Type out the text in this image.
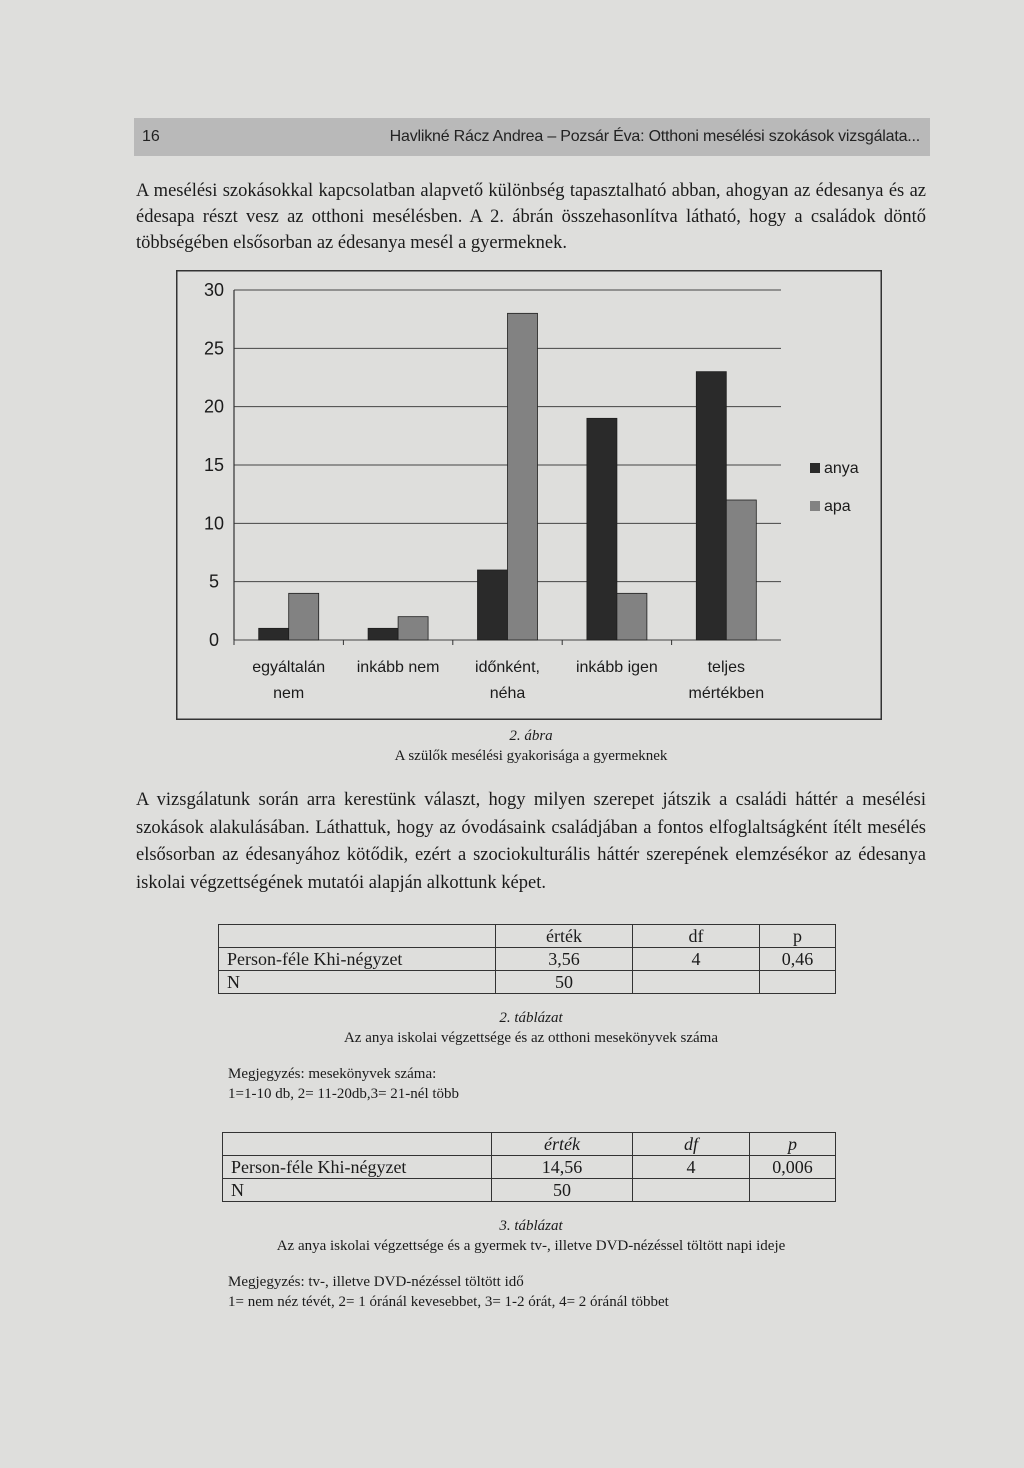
16	Havlikné Rácz Andrea – Pozsár Éva: Otthoni mesélési szokások vizsgálata...

A mesélési szokásokkal kapcsolatban alapvető különbség tapasztalható abban, ahogyan az édesanya és az édesapa részt vesz az otthoni mesélésben. A 2. ábrán összehasonlítva látható, hogy a családok döntő többségében elsősorban az édesanya mesél a gyermeknek.

0
5
10
15
20
25
30
egyáltalán
nem
inkább nem időnként,
néha
inkább igen	teljes
mértékben
anya
apa
2. ábra
A szülők mesélési gyakorisága a gyermeknek

A vizsgálatunk során arra kerestünk választ, hogy milyen szerepet játszik a családi háttér a mesélési szokások alakulásában. Láthattuk, hogy az óvodásaink családjában a fontos elfoglaltságként ítélt mesélés elsősorban az édesanyához kötődik, ezért a szociokulturális háttér szerepének elemzésékor az édesanya iskolai végzettségének mutatói alapján alkottunk képet.

	érték	df	p
Person-féle Khi-négyzet	3,56	4	0,46
N	50		
2. táblázat
Az anya iskolai végzettsége és az otthoni mesekönyvek száma
Megjegyzés: mesekönyvek száma:
1=1-10 db, 2= 11-20db,3= 21-nél több
	érték	df	p
Person-féle Khi-négyzet	14,56	4	0,006
N	50		
3. táblázat
Az anya iskolai végzettsége és a gyermek tv-, illetve DVD-nézéssel töltött napi ideje
Megjegyzés: tv-, illetve DVD-nézéssel töltött idő
1= nem néz tévét, 2= 1 óránál kevesebbet, 3= 1-2 órát, 4= 2 óránál többet
